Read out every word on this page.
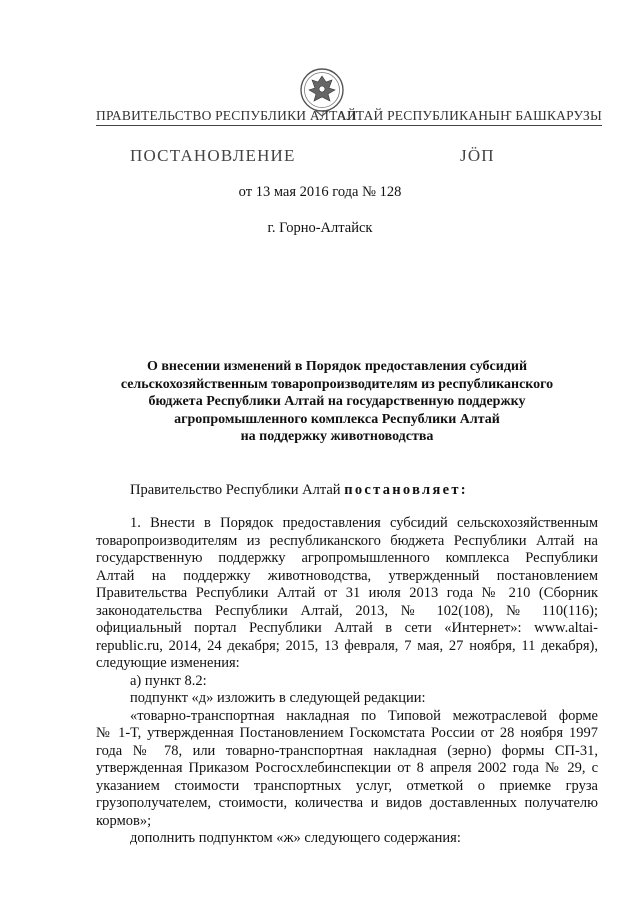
ПРАВИТЕЛЬСТВО РЕСПУБЛИКИ АЛТАЙ
АЛТАЙ РЕСПУБЛИКАНЫҤ БАШКАРУЗЫ
ПОСТАНОВЛЕНИЕ	JӦП
от 13 мая 2016 года № 128
г. Горно-Алтайск
О внесении изменений в Порядок предоставления субсидий
сельскохозяйственным товаропроизводителям из республиканского
бюджета Республики Алтай на государственную поддержку
агропромышленного комплекса Республики Алтай
на поддержку животноводства
Правительство Республики Алтай постановляет:
1. Внести в Порядок предоставления субсидий сельскохозяйственным
товаропроизводителям из республиканского бюджета Республики Алтай на
государственную поддержку агропромышленного комплекса Республики
Алтай на поддержку животноводства, утвержденный постановлением
Правительства Республики Алтай от 31 июля 2013 года № 210 (Сборник
законодательства Республики Алтай, 2013, № 102(108), № 110(116);
официальный портал Республики Алтай в сети «Интернет»: www.altai-
republic.ru, 2014, 24 декабря; 2015, 13 февраля, 7 мая, 27 ноября, 11 декабря),
следующие изменения:
а) пункт 8.2:
подпункт «д» изложить в следующей редакции:
«товарно-транспортная накладная по Типовой межотраслевой форме
№ 1-Т, утвержденная Постановлением Госкомстата России от 28 ноября 1997
года № 78, или товарно-транспортная накладная (зерно) формы СП-31,
утвержденная Приказом Росгосхлебинспекции от 8 апреля 2002 года № 29, с
указанием стоимости транспортных услуг, отметкой о приемке груза
грузополучателем, стоимости, количества и видов доставленных получателю
кормов»;
дополнить подпунктом «ж» следующего содержания:
